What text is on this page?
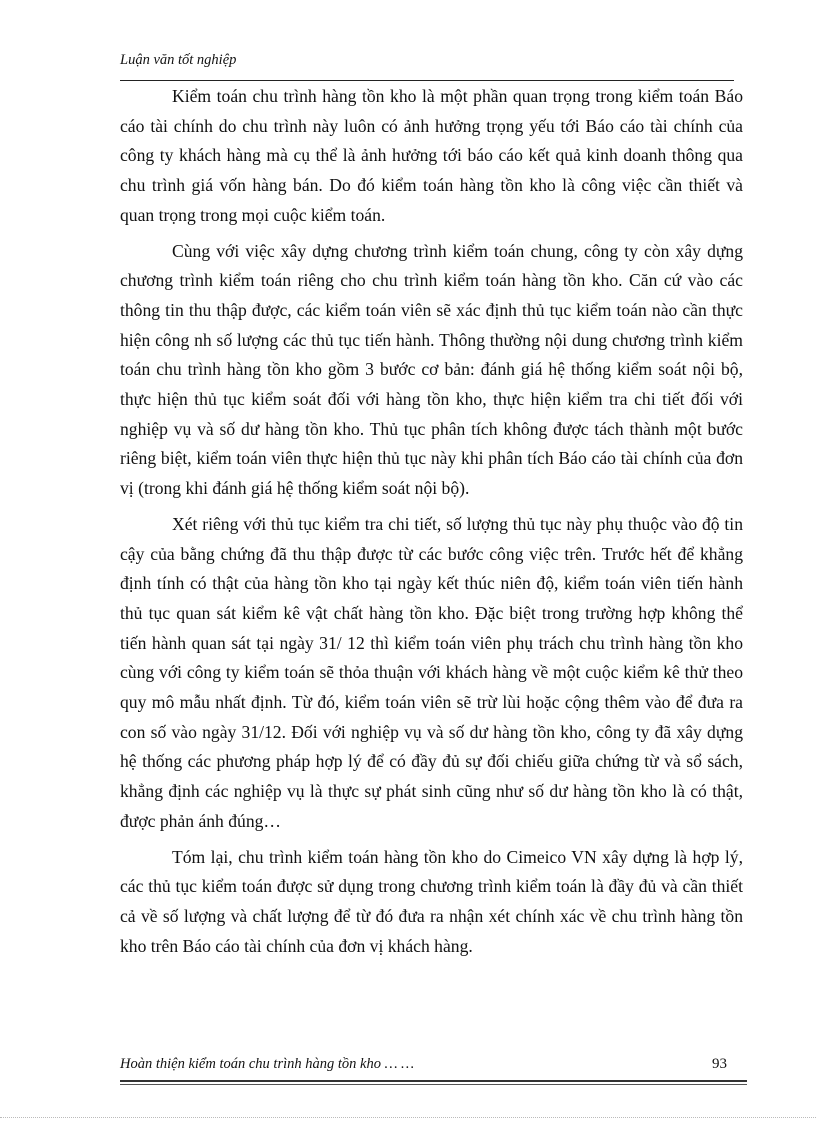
Luận văn tốt nghiệp

Kiểm toán chu trình hàng tồn kho là một phần quan trọng trong kiểm toán Báo cáo tài chính do chu trình này luôn có ảnh hưởng trọng yếu tới Báo cáo tài chính của công ty khách hàng mà cụ thể là ảnh hưởng tới báo cáo kết quả kinh doanh thông qua chu trình giá vốn hàng bán. Do đó kiểm toán hàng tồn kho là công việc cần thiết và quan trọng trong mọi cuộc kiểm toán.

Cùng với việc xây dựng chương trình kiểm toán chung, công ty còn xây dựng chương trình kiểm toán riêng cho chu trình kiểm toán hàng tồn kho. Căn cứ vào các thông tin thu thập được, các kiểm toán viên sẽ xác định thủ tục kiểm toán nào cần thực hiện công nh số lượng các thủ tục tiến hành. Thông thường nội dung chương trình kiểm toán chu trình hàng tồn kho gồm 3 bước cơ bản: đánh giá hệ thống kiểm soát nội bộ, thực hiện thủ tục kiểm soát đối với hàng tồn kho, thực hiện kiểm tra chi tiết đối với nghiệp vụ và số dư hàng tồn kho. Thủ tục phân tích không được tách thành một bước riêng biệt, kiểm toán viên thực hiện thủ tục này khi phân tích Báo cáo tài chính của đơn vị (trong khi đánh giá hệ thống kiểm soát nội bộ).

Xét riêng với thủ tục kiểm tra chi tiết, số lượng thủ tục này phụ thuộc vào độ tin cậy của bằng chứng đã thu thập được từ các bước công việc trên. Trước hết để khẳng định tính có thật của hàng tồn kho tại ngày kết thúc niên độ, kiểm toán viên tiến hành thủ tục quan sát kiểm kê vật chất hàng tồn kho. Đặc biệt trong trường hợp không thể tiến hành quan sát tại ngày 31/ 12 thì kiểm toán viên phụ trách chu trình hàng tồn kho cùng với công ty kiểm toán sẽ thỏa thuận với khách hàng về một cuộc kiểm kê thử theo quy mô mẫu nhất định. Từ đó, kiểm toán viên sẽ trừ lùi hoặc cộng thêm vào để đưa ra con số vào ngày 31/12. Đối với nghiệp vụ và số dư hàng tồn kho, công ty đã xây dựng hệ thống các phương pháp hợp lý để có đầy đủ sự đối chiếu giữa chứng từ và sổ sách, khẳng định các nghiệp vụ là thực sự phát sinh cũng như số dư hàng tồn kho là có thật, được phản ánh đúng…

Tóm lại, chu trình kiểm toán hàng tồn kho do Cimeico VN xây dựng là hợp lý, các thủ tục kiểm toán được sử dụng trong chương trình kiểm toán là đầy đủ và cần thiết cả về số lượng và chất lượng để từ đó đưa ra nhận xét chính xác về chu trình hàng tồn kho trên Báo cáo tài chính của đơn vị khách hàng.

Hoàn thiện kiểm toán chu trình hàng tồn kho … …	93
